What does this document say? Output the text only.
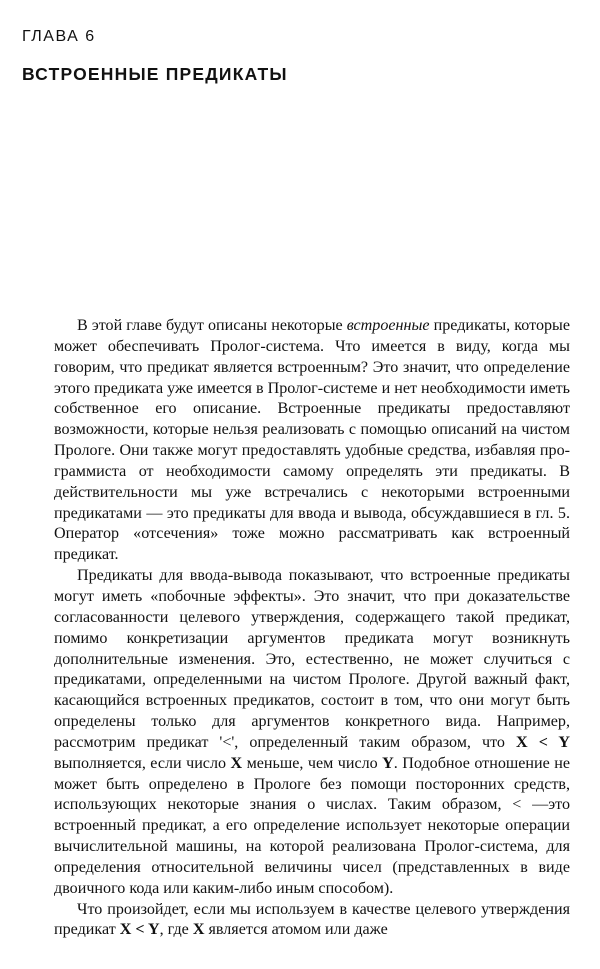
ГЛАВА 6
ВСТРОЕННЫЕ ПРЕДИКАТЫ

В этой главе будут описаны некоторые встроенные предикаты, которые может обеспечивать Пролог-система. Что имеется в виду, когда мы говорим, что предикат является встроенным? Это значит, что определение этого предиката уже имеется в Пролог-системе и нет необходимости иметь собственное его описание. Встроенные предикаты предоставляют возможности, которые нельзя реализовать с помощью описаний на чистом Прологе. Они также могут предоставлять удобные средства, избавляя программиста от необходимости самому определять эти предикаты. В действительности мы уже встречались с некоторыми встроенными предикатами — это предикаты для ввода и вывода, обсуждавшиеся в гл. 5. Оператор «отсечения» тоже можно рассматривать как встроенный предикат.

Предикаты для ввода-вывода показывают, что встроенные предикаты могут иметь «побочные эффекты». Это значит, что при доказательстве согласованности целевого утверждения, содержащего такой предикат, помимо конкретизации аргументов предиката могут возникнуть дополнительные изменения. Это, естественно, не может случиться с предикатами, определенными на чистом Прологе. Другой важный факт, касающийся встроенных предикатов, состоит в том, что они могут быть определены только для аргументов конкретного вида. Например, рассмотрим предикат '<', определенный таким образом, что X < Y выполняется, если число X меньше, чем число Y. Подобное отношение не может быть определено в Прологе без помощи посторонних средств, использующих некоторые знания о числах. Таким образом, < —это встроенный предикат, а его определение использует некоторые операции вычислительной машины, на которой реализована Пролог-система, для определения относительной величины чисел (представленных в виде двоичного кода или каким-либо иным способом).

Что произойдет, если мы используем в качестве целевого утверждения предикат X < Y, где X является атомом или даже
